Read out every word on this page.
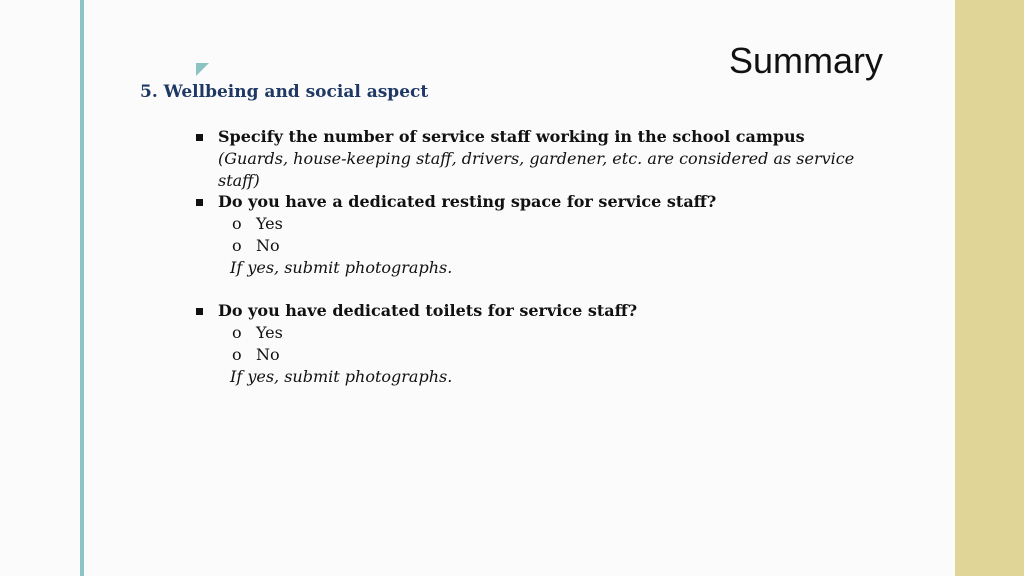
Summary
5. Wellbeing and social aspect
Specify the number of service staff working in the school campus
(Guards, house-keeping staff, drivers, gardener, etc. are considered as service staff)
Do you have a dedicated resting space for service staff?
o Yes
o No
If yes, submit photographs.
Do you have dedicated toilets for service staff?
o Yes
o No
If yes, submit photographs.
